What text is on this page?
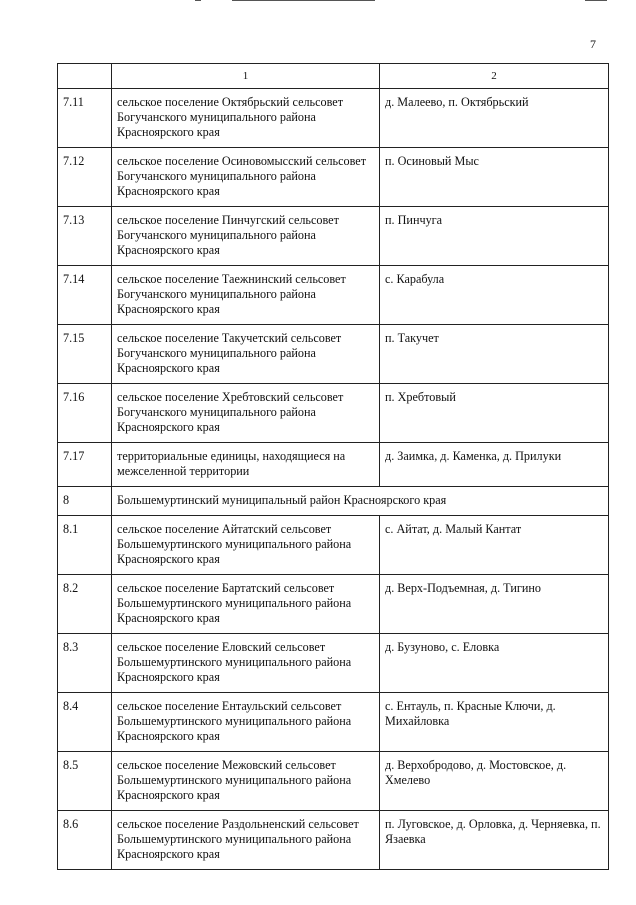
7
	1	2
7.11	сельское поселение Октябрьский сельсовет Богучанского муниципального района Красноярского края	д. Малеево, п. Октябрьский
7.12	сельское поселение Осиновомысский сельсовет Богучанского муниципального района Красноярского края	п. Осиновый Мыс
7.13	сельское поселение Пинчугский сельсовет Богучанского муниципального района Красноярского края	п. Пинчуга
7.14	сельское поселение Таежнинский сельсовет Богучанского муниципального района Красноярского края	с. Карабула
7.15	сельское поселение Такучетский сельсовет Богучанского муниципального района Красноярского края	п. Такучет
7.16	сельское поселение Хребтовский сельсовет Богучанского муниципального района Красноярского края	п. Хребтовый
7.17	территориальные единицы, находящиеся на межселенной территории	д. Заимка, д. Каменка, д. Прилуки
8	Большемуртинский муниципальный район Красноярского края	
8.1	сельское поселение Айтатский сельсовет Большемуртинского муниципального района Красноярского края	с. Айтат, д. Малый Кантат
8.2	сельское поселение Бартатский сельсовет Большемуртинского муниципального района Красноярского края	д. Верх-Подъемная, д. Тигино
8.3	сельское поселение Еловский сельсовет Большемуртинского муниципального района Красноярского края	д. Бузуново, с. Еловка
8.4	сельское поселение Ентаульский сельсовет Большемуртинского муниципального района Красноярского края	с. Ентауль, п. Красные Ключи, д. Михайловка
8.5	сельское поселение Межовский сельсовет Большемуртинского муниципального района Красноярского края	д. Верхобродово, д. Мостовское, д. Хмелево
8.6	сельское поселение Раздольненский сельсовет Большемуртинского муниципального района Красноярского края	п. Луговское, д. Орловка, д. Черняевка, п. Язаевка
